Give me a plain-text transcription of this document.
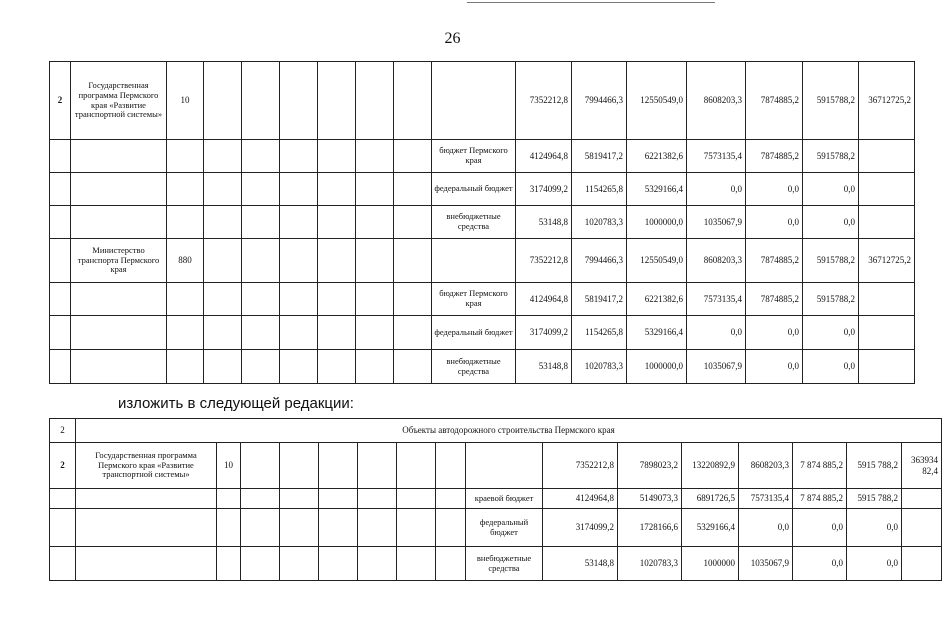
26
2	Государственная программа Пермского края «Развитие транспортной системы»	10								7352212,8	7994466,3	12550549,0	8608203,3	7874885,2	5915788,2	36712725,2
									бюджет Пермского края	4124964,8	5819417,2	6221382,6	7573135,4	7874885,2	5915788,2	
									федеральный бюджет	3174099,2	1154265,8	5329166,4	0,0	0,0	0,0	
									внебюджетные средства	53148,8	1020783,3	1000000,0	1035067,9	0,0	0,0	
	Министерство транспорта Пермского края	880								7352212,8	7994466,3	12550549,0	8608203,3	7874885,2	5915788,2	36712725,2
									бюджет Пермского края	4124964,8	5819417,2	6221382,6	7573135,4	7874885,2	5915788,2	
									федеральный бюджет	3174099,2	1154265,8	5329166,4	0,0	0,0	0,0	
									внебюджетные средства	53148,8	1020783,3	1000000,0	1035067,9	0,0	0,0	
изложить в следующей редакции:
2	Объекты автодорожного строительства Пермского края															
2	Государственная программа Пермского края «Развитие транспортной системы»	10								7352212,8	7898023,2	13220892,9	8608203,3	7 874 885,2	5915 788,2	363934 82,4
									краевой бюджет	4124964,8	5149073,3	6891726,5	7573135,4	7 874 885,2	5915 788,2	
									федеральный бюджет	3174099,2	1728166,6	5329166,4	0,0	0,0	0,0	
									внебюджетные средства	53148,8	1020783,3	1000000	1035067,9	0,0	0,0	
